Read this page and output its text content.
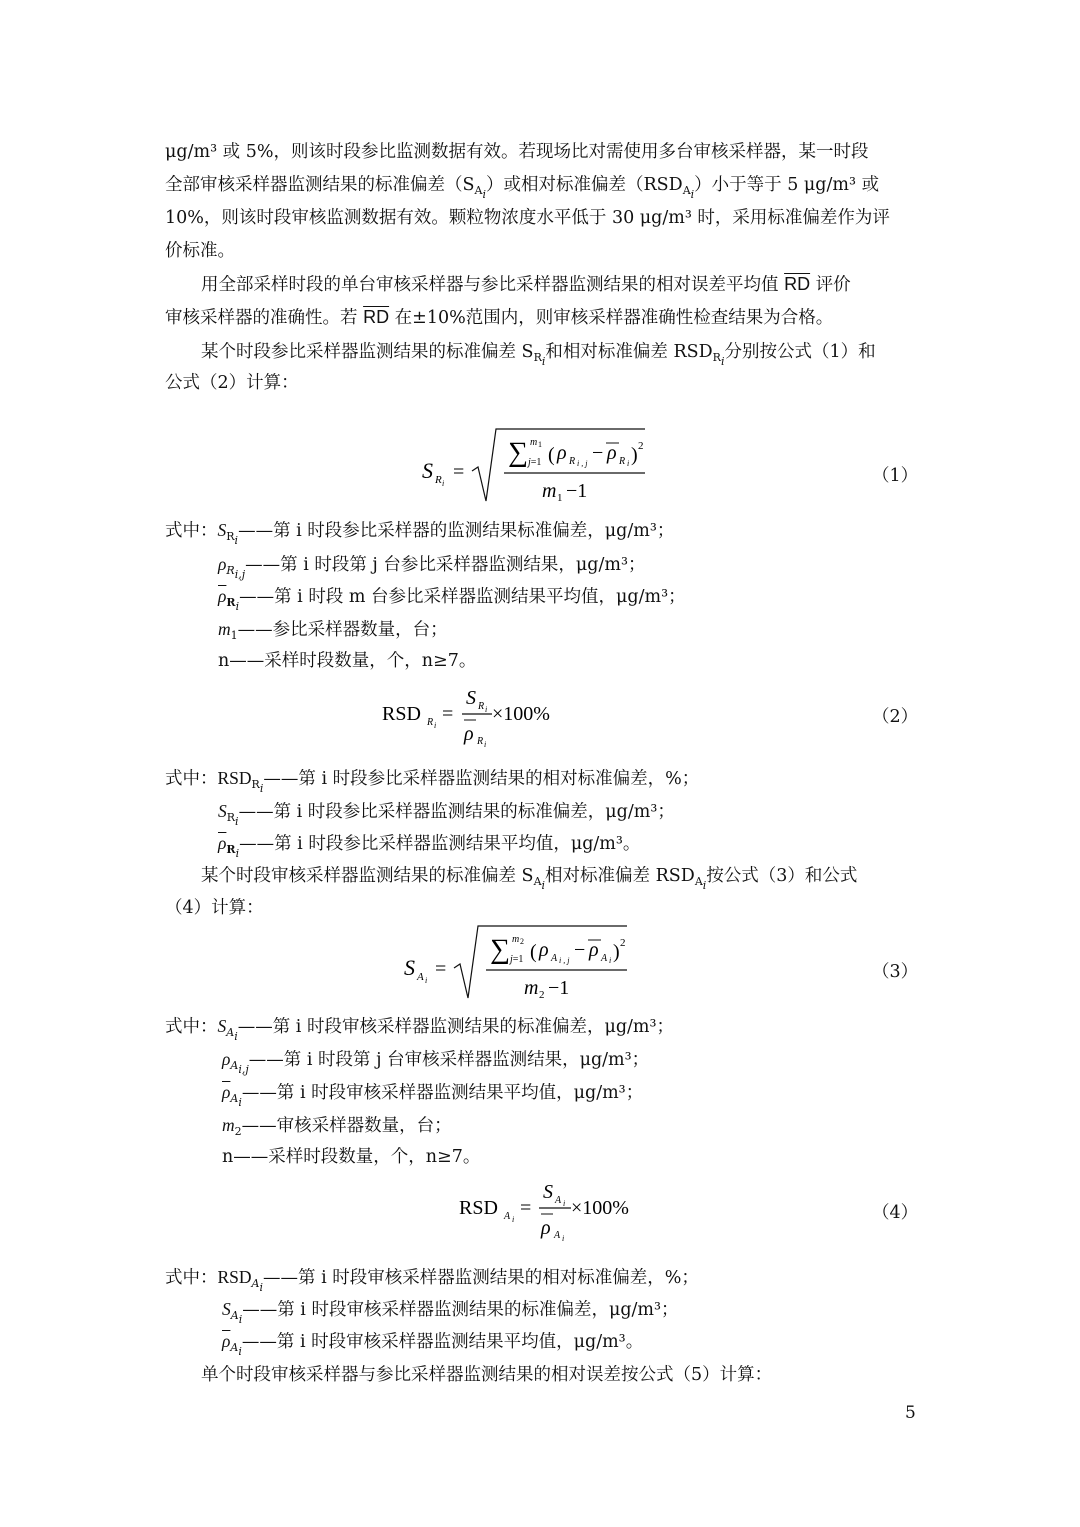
μg/m³ 或 5%，则该时段参比监测数据有效。若现场比对需使用多台审核采样器，某一时段
全部审核采样器监测结果的标准偏差$(S_{A_i})$或相对标准偏差$(RSD_{A_i})$小于等于 5 μg/m³ 或
10%，则该时段审核监测数据有效。颗粒物浓度水平低于 30 μg/m³ 时，采用标准偏差作为评
价标准。
用全部采样时段的单台审核采样器与参比采样器监测结果的相对误差平均值 $\overline{RD}$ 评价
审核采样器的准确性。若 $\overline{RD}$ 在±10%范围内，则审核采样器准确性检查结果为合格。
某个时段参比采样器监测结果的标准偏差 $S_{R_i}$和相对标准偏差 $RSD_{R_i}$分别按公式（1）和
公式（2）计算：
S R i
=
∑ m 1
j=1 ( ρ R i , j − ρ R i ) 2
m 1 −1
（1）
式中：$S_{R_i}——$第 i 时段参比采样器的监测结果标准偏差，μg/m³；
$\rho_{R_{i,j}}——$第 i 时段第 j 台参比采样器监测结果，μg/m³；
$\overline{\rho}_{R_i}——$第 i 时段 m 台参比采样器监测结果平均值，μg/m³；
$m_1——$参比采样器数量，台；
n——采样时段数量，个，n≥7。
RSD R i
=
S R i
ρ R i
×100%	（2）
式中：$RSD_{R_i}——$第 i 时段参比采样器监测结果的相对标准偏差，%；
$S_{R_i}——$第 i 时段参比采样器监测结果的标准偏差，μg/m³；
$\overline{\rho}_{R_i}——$第 i 时段参比采样器监测结果平均值，μg/m³。
某个时段审核采样器监测结果的标准偏差 $S_{A_i}$相对标准偏差 $RSD_{A_i}$按公式（3）和公式
（4）计算：
S A i
=
∑ m 2
j=1 ( ρ A i , j − ρ A i ) 2
m 2 −1
（3）
式中：$S_{A_i}——$第 i 时段审核采样器监测结果的标准偏差，μg/m³；
$\rho_{A_{i,j}}——$第 i 时段第 j 台审核采样器监测结果，μg/m³；
$\overline{\rho}_{A_i}——$第 i 时段审核采样器监测结果平均值，μg/m³；
$m_2——$审核采样器数量，台；
n——采样时段数量，个，n≥7。
RSD A i
=
S A i
ρ A i
×100%	（4）
式中：$RSD_{A_i}——$第 i 时段审核采样器监测结果的相对标准偏差，%；
$S_{A_i}——$第 i 时段审核采样器监测结果的标准偏差，μg/m³；
$\overline{\rho}_{A_i}——$第 i 时段审核采样器监测结果平均值，μg/m³。
单个时段审核采样器与参比采样器监测结果的相对误差按公式（5）计算：
5
